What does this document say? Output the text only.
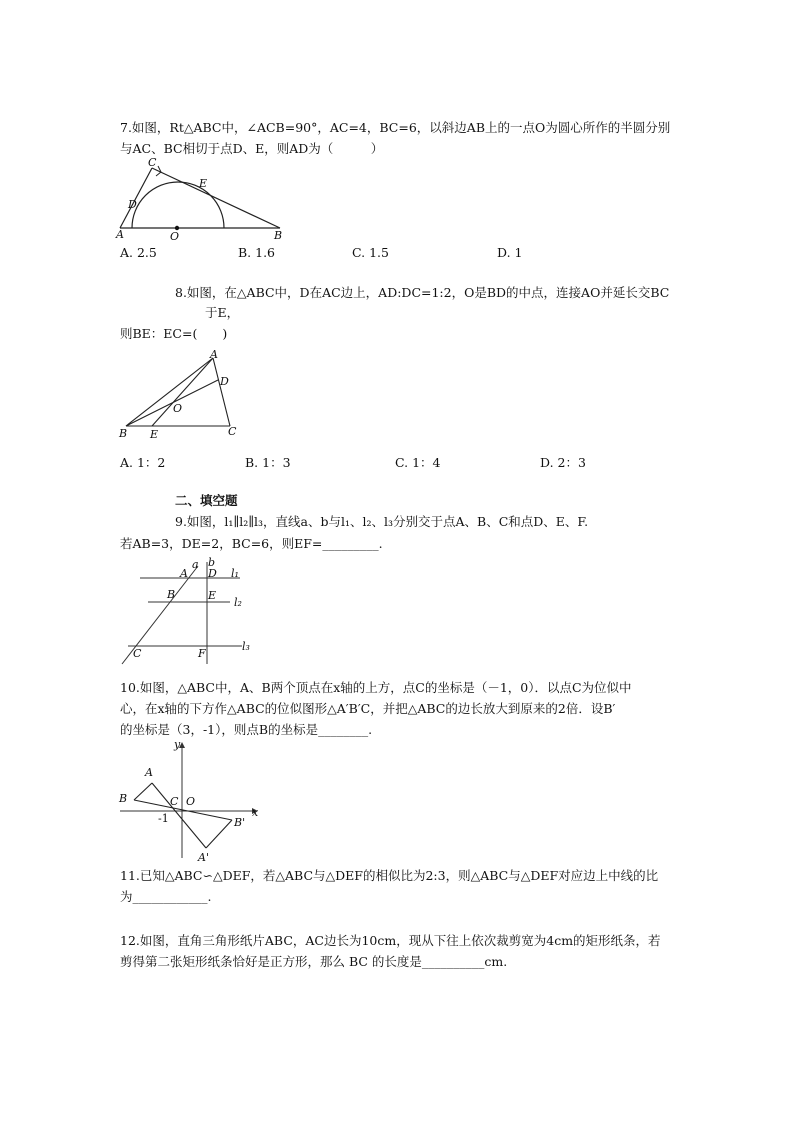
7.如图，Rt△ABC中，∠ACB=90°，AC=4，BC=6，以斜边AB上的一点O为圆心所作的半圆分别
与AC、BC相切于点D、E，则AD为（　　　）
C
E
D
A	O	B
A. 2.5	B. 1.6	C. 1.5	D. 1
8.如图，在△ABC中，D在AC边上，AD:DC=1:2，O是BD的中点，连接AO并延长交BC
于E，
则BE：EC=(　　)
A
D
O
B E	C
A. 1：2	B. 1：3	C. 1：4	D. 2：3
二、填空题
9.如图，l₁∥l₂∥l₃，直线a、b与l₁、l₂、l₃分别交于点A、B、C和点D、E、F.
若AB=3，DE=2，BC=6，则EF=_________.
a b
A D l₁
B	E
l₂
C	F
l₃
10.如图，△ABC中，A、B两个顶点在x轴的上方，点C的坐标是（－1，0）．以点C为位似中
心，在x轴的下方作△ABC的位似图形△A′B′C，并把△ABC的边长放大到原来的2倍．设B′
的坐标是（3，-1），则点B的坐标是________.
y
x
A
B	C O
-1	B'
A'
11.已知△ABC∽△DEF，若△ABC与△DEF的相似比为2:3，则△ABC与△DEF对应边上中线的比
为____________.
12.如图，直角三角形纸片ABC，AC边长为10cm，现从下往上依次裁剪宽为4cm的矩形纸条，若
剪得第二张矩形纸条恰好是正方形，那么 BC 的长度是__________cm.
